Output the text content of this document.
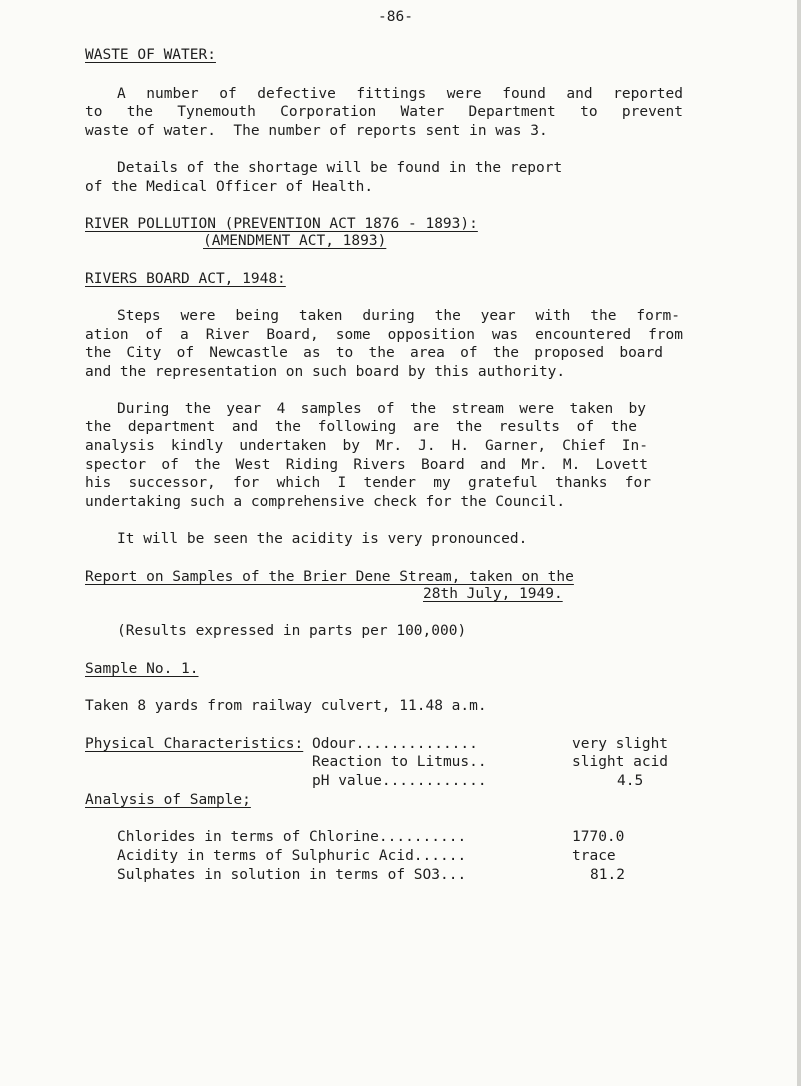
-86-
WASTE OF WATER:
A number of defective fittings were found and reported
to the Tynemouth Corporation Water Department to prevent
waste of water.  The number of reports sent in was 3.
Details of the shortage will be found in the report
of the Medical Officer of Health.
RIVER POLLUTION (PREVENTION ACT 1876 - 1893):
(AMENDMENT ACT, 1893)
RIVERS BOARD ACT, 1948:
Steps were being taken during the year with the form-
ation of a River Board, some opposition was encountered from
the City of Newcastle as to the area of the proposed board
and the representation on such board by this authority.
During the year 4 samples of the stream were taken by
the department and the following are the results of the
analysis kindly undertaken by Mr. J. H. Garner, Chief In-
spector of the West Riding Rivers Board and Mr. M. Lovett
his successor, for which I tender my grateful thanks for
undertaking such a comprehensive check for the Council.
It will be seen the acidity is very pronounced.
Report on Samples of the Brier Dene Stream, taken on the
28th July, 1949.
(Results expressed in parts per 100,000)
Sample No. 1.
Taken 8 yards from railway culvert, 11.48 a.m.
Physical Characteristics: Odour..............	very slight
Reaction to Litmus..	slight acid
pH value............	4.5
Analysis of Sample;
Chlorides in terms of Chlorine..........	1770.0
Acidity in terms of Sulphuric Acid......	trace
Sulphates in solution in terms of SO3...	81.2
